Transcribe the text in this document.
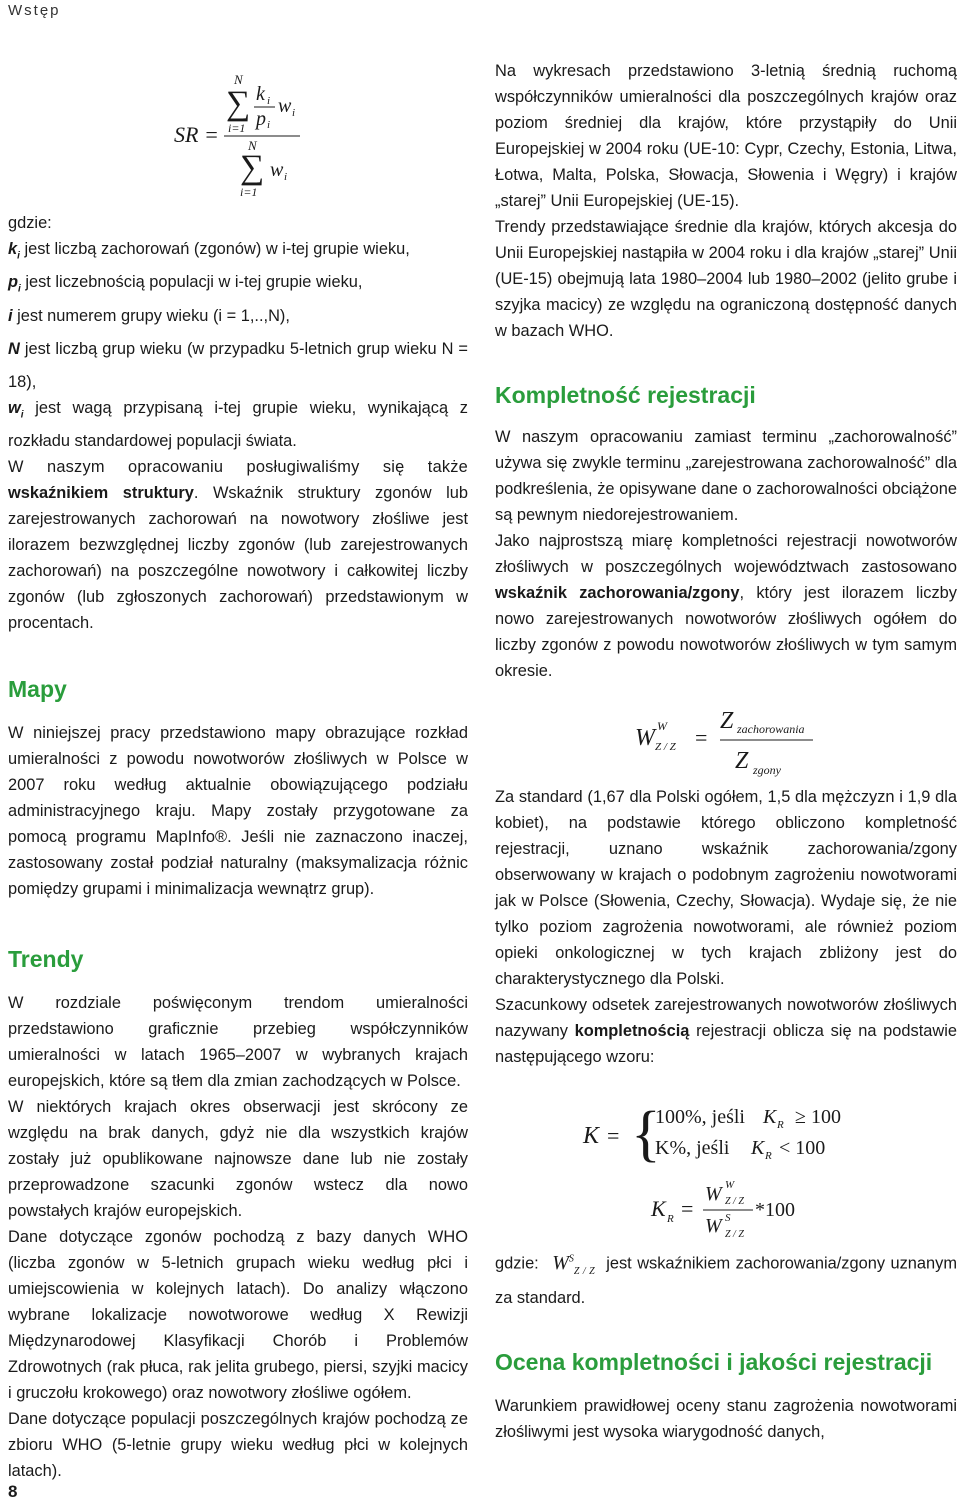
Wstęp
SR =
N
∑
i=1
k i
p i
w i
N
∑ w i
i=1

gdzie:

$k_i$ jest liczbą zachorowań (zgonów) w i-tej grupie wieku,

$p_i$ jest liczebnością populacji w i-tej grupie wieku,

i jest numerem grupy wieku (i = 1,..,N),

N jest liczbą grup wieku (w przypadku 5-letnich grup wieku N = 18),

$w_i$ jest wagą przypisaną i-tej grupie wieku, wynikającą z rozkładu standardowej populacji świata.

W naszym opracowaniu posługiwaliśmy się także wskaźnikiem struktury. Wskaźnik struktury zgonów lub zarejestrowanych zachorowań na nowotwory złośliwe jest ilorazem bezwzględnej liczby zgonów (lub zarejestrowanych zachorowań) na poszczególne nowotwory i całkowitej liczby zgonów (lub zgłoszonych zachorowań) przedstawionym w procentach.

Mapy

W niniejszej pracy przedstawiono mapy obrazujące rozkład umieralności z powodu nowotworów złośliwych w Polsce w 2007 roku według aktualnie obowiązującego podziału administracyjnego kraju. Mapy zostały przygotowane za pomocą programu MapInfo®. Jeśli nie zaznaczono inaczej, zastosowany został podział naturalny (maksymalizacja różnic pomiędzy grupami i minimalizacja wewnątrz grup).

Trendy

W rozdziale poświęconym trendom umieralności przedstawiono graficznie przebieg współczynników umieralności w latach 1965–2007 w wybranych krajach europejskich, które są tłem dla zmian zachodzących w Polsce.

W niektórych krajach okres obserwacji jest skrócony ze względu na brak danych, gdyż nie dla wszystkich krajów zostały już opublikowane najnowsze dane lub nie zostały przeprowadzone szacunki zgonów wstecz dla nowo powstałych krajów europejskich.

Dane dotyczące zgonów pochodzą z bazy danych WHO (liczba zgonów w 5-letnich grupach wieku według płci i umiejscowienia w kolejnych latach). Do analizy włączono wybrane lokalizacje nowotworowe według X Rewizji Międzynarodowej Klasyfikacji Chorób i Problemów Zdrowotnych (rak płuca, rak jelita grubego, piersi, szyjki macicy i gruczołu krokowego) oraz nowotwory złośliwe ogółem.

Dane dotyczące populacji poszczególnych krajów pochodzą ze zbioru WHO (5-letnie grupy wieku według płci w kolejnych latach).

Na wykresach przedstawiono 3-letnią średnią ruchomą współczynników umieralności dla poszczególnych krajów oraz poziom średniej dla krajów, które przystąpiły do Unii Europejskiej w 2004 roku (UE-10: Cypr, Czechy, Estonia, Litwa, Łotwa, Malta, Polska, Słowacja, Słowenia i Węgry) i krajów „starej” Unii Europejskiej (UE-15).

Trendy przedstawiające średnie dla krajów, których akcesja do Unii Europejskiej nastąpiła w 2004 roku i dla krajów „starej” Unii (UE-15) obejmują lata 1980–2004 lub 1980–2002 (jelito grube i szyjka macicy) ze względu na ograniczoną dostępność danych w bazach WHO.

Kompletność rejestracji

W naszym opracowaniu zamiast terminu „zachorowalność” używa się zwykle terminu „zarejestrowana zachorowalność” dla podkreślenia, że opisywane dane o zachorowalności obciążone są pewnym niedorejestrowaniem.

Jako najprostszą miarę kompletności rejestracji nowotworów złośliwych w poszczególnych województwach zastosowano wskaźnik zachorowania/zgony, który jest ilorazem liczby nowo zarejestrowanych nowotworów złośliwych ogółem do liczby zgonów z powodu nowotworów złośliwych w tym samym okresie.

W W
Z / Z =
Z zachorowania
Z zgony

Za standard (1,67 dla Polski ogółem, 1,5 dla mężczyzn i 1,9 dla kobiet), na podstawie którego obliczono kompletność rejestracji, uznano wskaźnik zachorowania/zgony obserwowany w krajach o podobnym zagrożeniu nowotworami jak w Polsce (Słowenia, Czechy, Słowacja). Wydaje się, że nie tylko poziom zagrożenia nowotworami, ale również poziom opieki onkologicznej w tych krajach zbliżony jest do charakterystycznego dla Polski.

Szacunkowy odsetek zarejestrowanych nowotworów złośliwych nazywany kompletnością rejestracji oblicza się na podstawie następującego wzoru:

K = {
100%, jeśli K R ≥ 100
K%, jeśli K R < 100
K R =
W W
Z / Z
W S
Z / Z
*100

gdzie: $W^S_{Z / Z}$ jest wskaźnikiem zachorowania/zgony uznanym za standard.

Ocena kompletności i jakości rejestracji

Warunkiem prawidłowej oceny stanu zagrożenia nowotworami złośliwymi jest wysoka wiarygodność danych,

8
